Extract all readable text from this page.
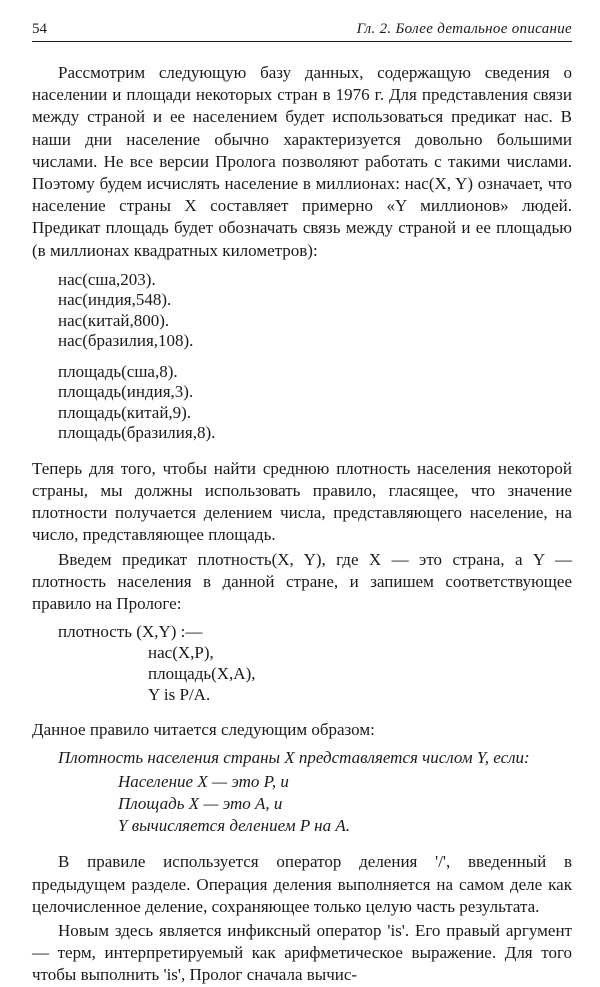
54	Гл. 2. Более детальное описание

Рассмотрим следующую базу данных, содержащую сведения о населении и площади некоторых стран в 1976 г. Для представления связи между страной и ее населением будет использоваться предикат нас. В наши дни население обычно характеризуется довольно большими числами. Не все версии Пролога позволяют работать с такими числами. Поэтому будем исчислять население в миллионах: нас(X, Y) означает, что население страны X составляет примерно «Y миллионов» людей. Предикат площадь будет обозначать связь между страной и ее площадью (в миллионах квадратных километров):

нас(сша,203).
нас(индия,548).
нас(китай,800).
нас(бразилия,108).
площадь(сша,8).
площадь(индия,3).
площадь(китай,9).
площадь(бразилия,8).

Теперь для того, чтобы найти среднюю плотность населения некоторой страны, мы должны использовать правило, гласящее, что значение плотности получается делением числа, представляющего население, на число, представляющее площадь.

Введем предикат плотность(X, Y), где X — это страна, а Y — плотность населения в данной стране, и запишем соответствующее правило на Прологе:

плотность (X,Y) :—
нас(X,P),
площадь(X,A),
Y is P/A.

Данное правило читается следующим образом:

Плотность населения страны X представляется числом Y, если:
Население X — это P, и
Площадь X — это A, и
Y вычисляется делением P на A.

В правиле используется оператор деления '/', введенный в предыдущем разделе. Операция деления выполняется на самом деле как целочисленное деление, сохраняющее только целую часть результата.

Новым здесь является инфиксный оператор 'is'. Его правый аргумент — терм, интерпретируемый как арифметическое выражение. Для того чтобы выполнить 'is', Пролог сначала вычис-
